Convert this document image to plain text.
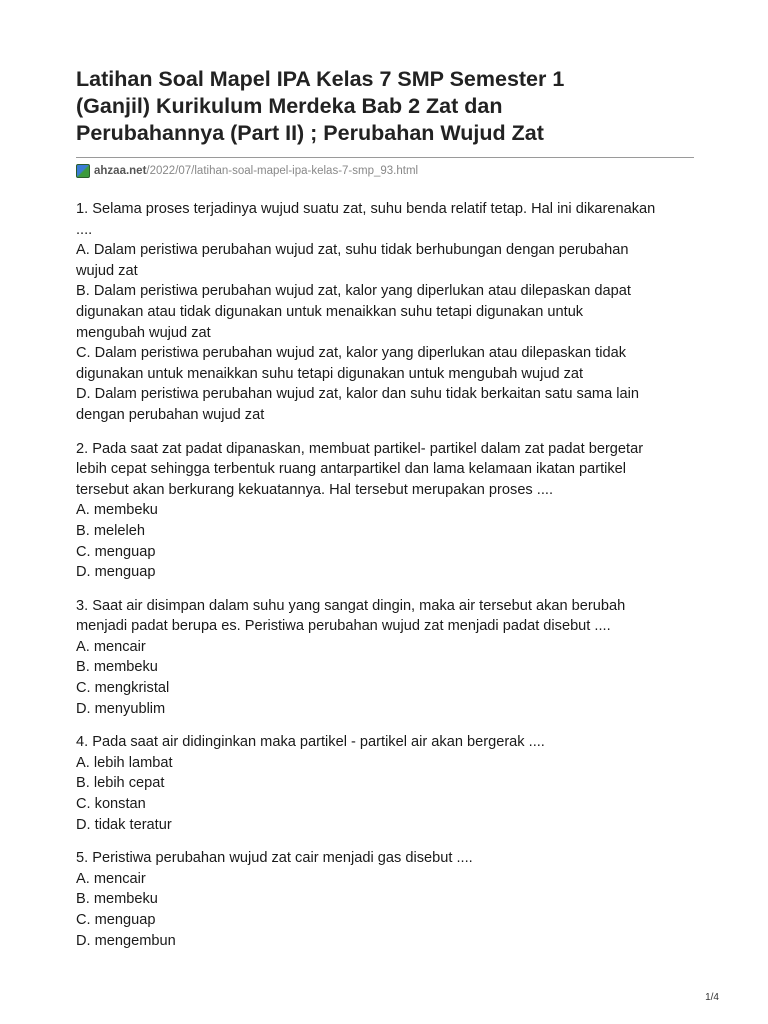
Latihan Soal Mapel IPA Kelas 7 SMP Semester 1
(Ganjil) Kurikulum Merdeka Bab 2 Zat dan
Perubahannya (Part II) ; Perubahan Wujud Zat
ahzaa.net /2022/07/latihan-soal-mapel-ipa-kelas-7-smp_93.html
1. Selama proses terjadinya wujud suatu zat, suhu benda relatif tetap. Hal ini dikarenakan
....
A. Dalam peristiwa perubahan wujud zat, suhu tidak berhubungan dengan perubahan
wujud zat
B. Dalam peristiwa perubahan wujud zat, kalor yang diperlukan atau dilepaskan dapat
digunakan atau tidak digunakan untuk menaikkan suhu tetapi digunakan untuk
mengubah wujud zat
C. Dalam peristiwa perubahan wujud zat, kalor yang diperlukan atau dilepaskan tidak
digunakan untuk menaikkan suhu tetapi digunakan untuk mengubah wujud zat
D. Dalam peristiwa perubahan wujud zat, kalor dan suhu tidak berkaitan satu sama lain
dengan perubahan wujud zat
2. Pada saat zat padat dipanaskan, membuat partikel- partikel dalam zat padat bergetar
lebih cepat sehingga terbentuk ruang antarpartikel dan lama kelamaan ikatan partikel
tersebut akan berkurang kekuatannya. Hal tersebut merupakan proses ....
A. membeku
B. meleleh
C. menguap
D. menguap
3. Saat air disimpan dalam suhu yang sangat dingin, maka air tersebut akan berubah
menjadi padat berupa es. Peristiwa perubahan wujud zat menjadi padat disebut ....
A. mencair
B. membeku
C. mengkristal
D. menyublim
4. Pada saat air didinginkan maka partikel - partikel air akan bergerak ....
A. lebih lambat
B. lebih cepat
C. konstan
D. tidak teratur
5. Peristiwa perubahan wujud zat cair menjadi gas disebut ....
A. mencair
B. membeku
C. menguap
D. mengembun
1/4
